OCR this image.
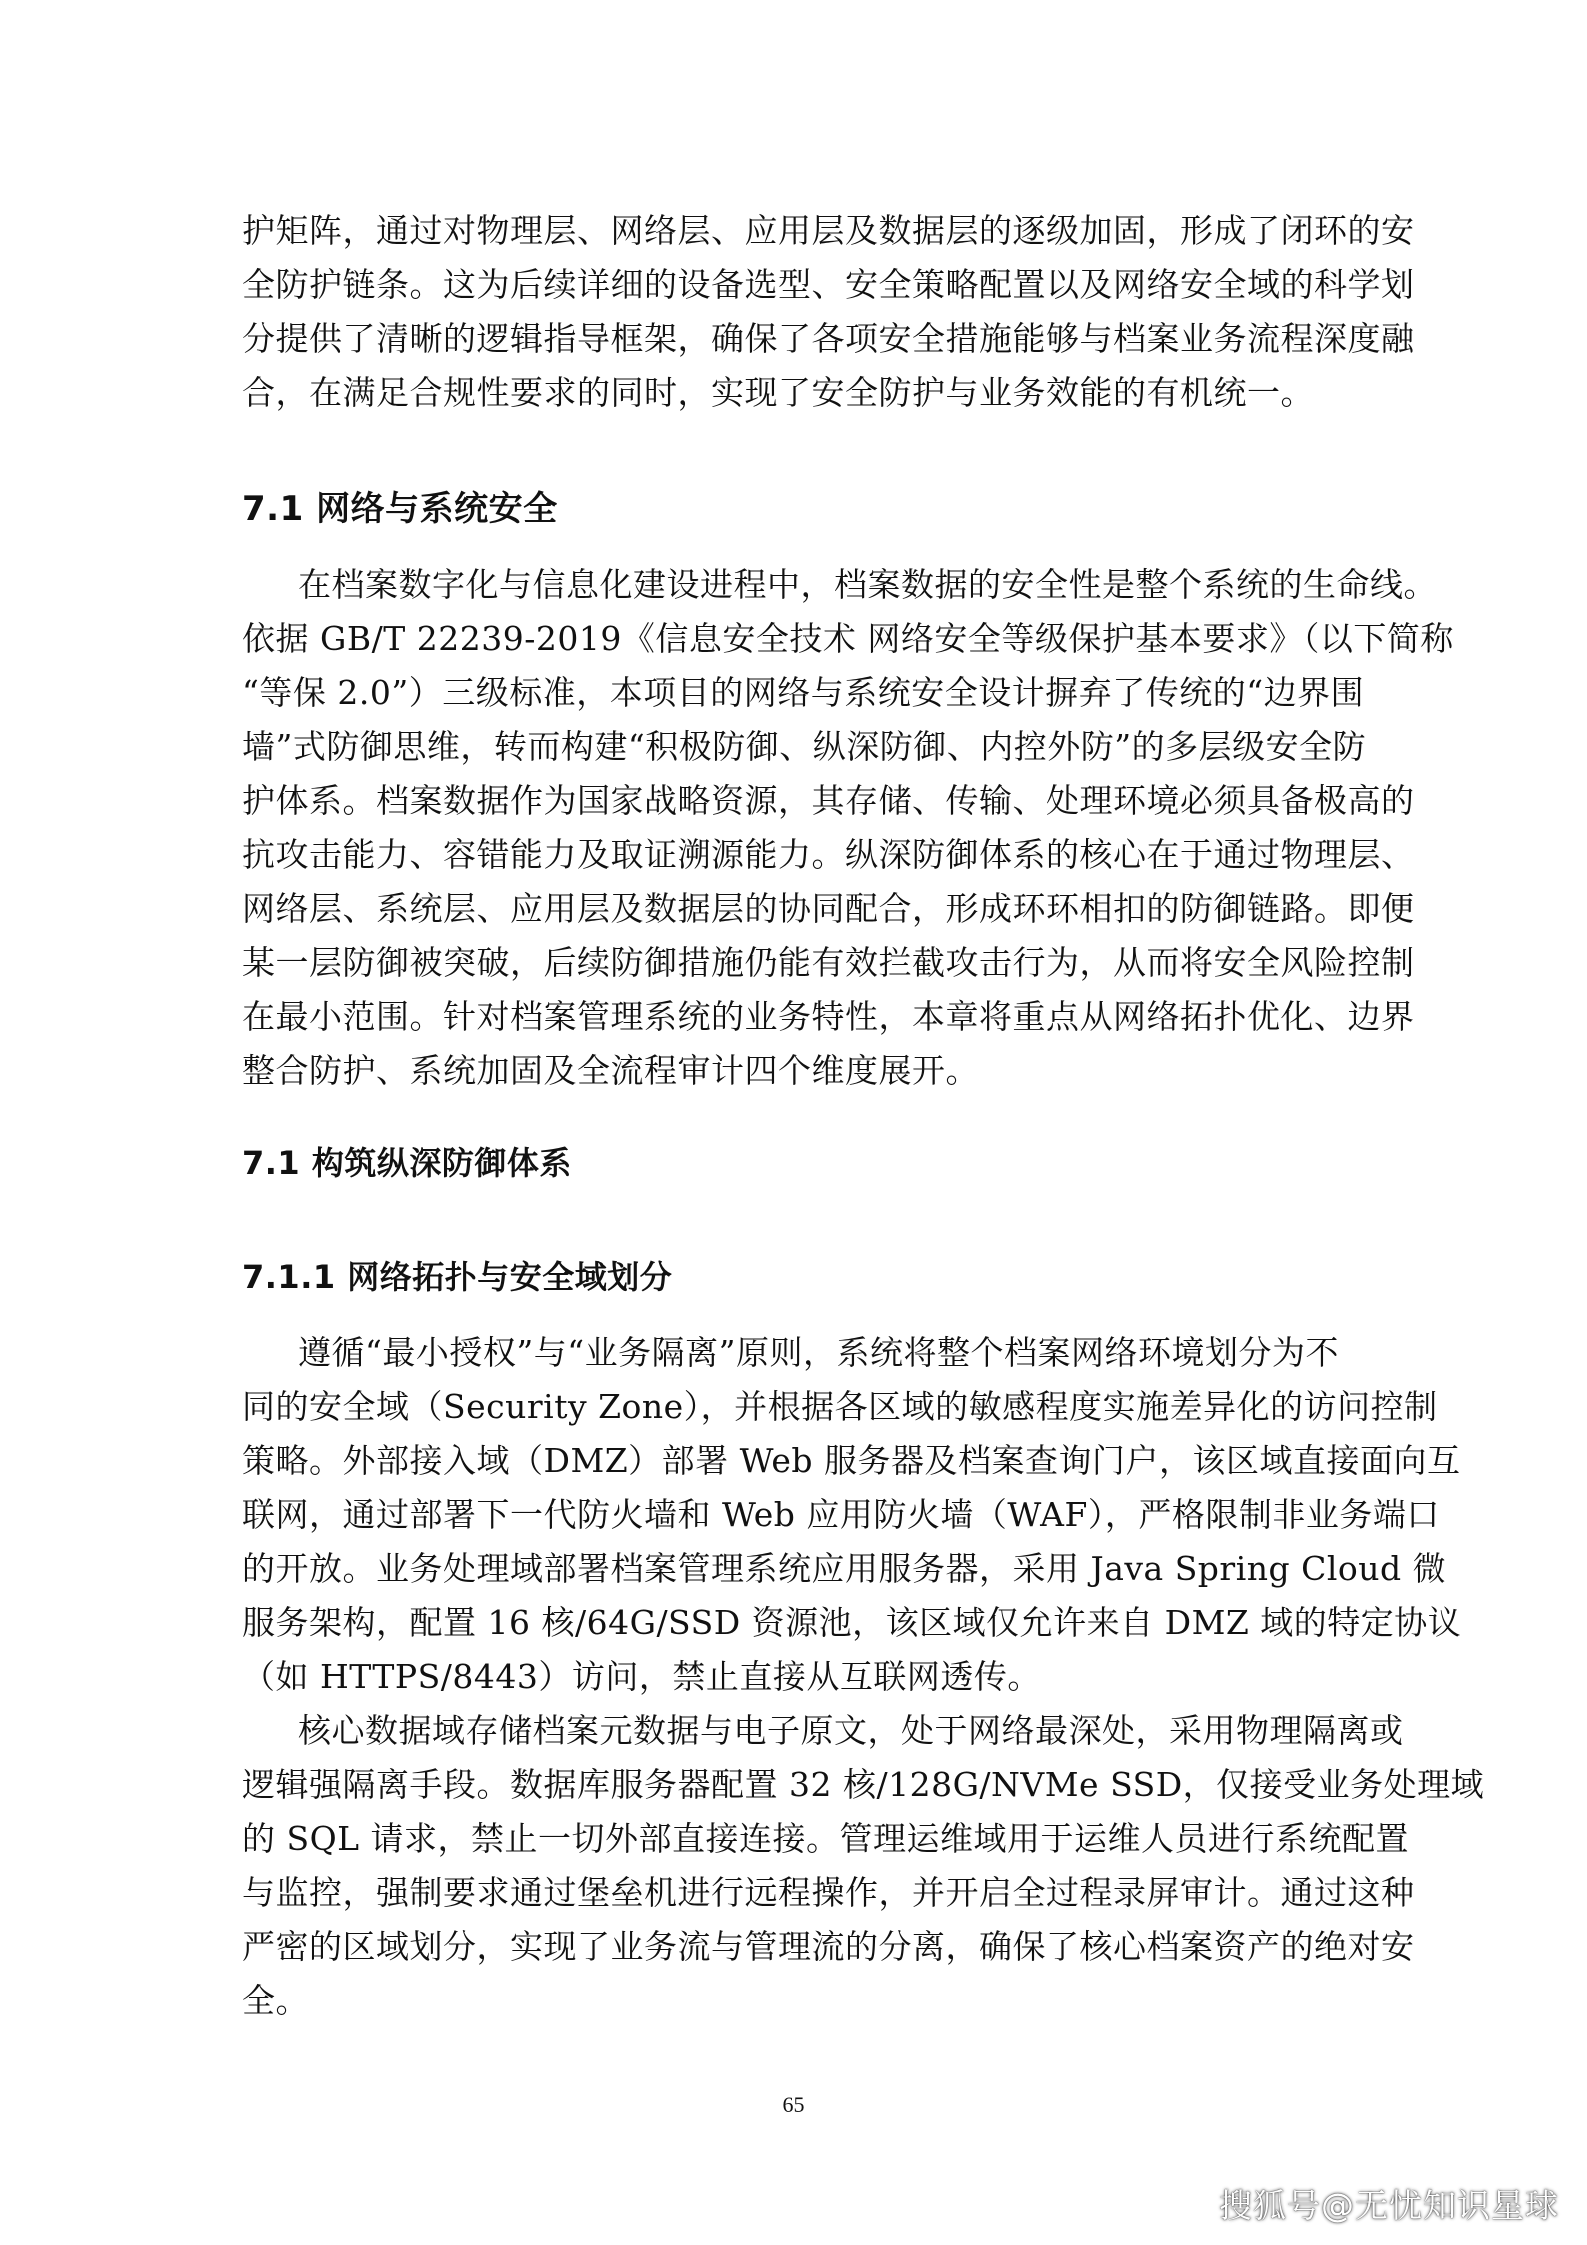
护矩阵，通过对物理层、网络层、应用层及数据层的逐级加固，形成了闭环的安
全防护链条。这为后续详细的设备选型、安全策略配置以及网络安全域的科学划
分提供了清晰的逻辑指导框架，确保了各项安全措施能够与档案业务流程深度融
合，在满足合规性要求的同时，实现了安全防护与业务效能的有机统一。

7.1 网络与系统安全

在档案数字化与信息化建设进程中，档案数据的安全性是整个系统的生命线。
依据 GB/T 22239-2019《信息安全技术 网络安全等级保护基本要求》（以下简称
“等保 2.0”）三级标准，本项目的网络与系统安全设计摒弃了传统的“边界围
墙”式防御思维，转而构建“积极防御、纵深防御、内控外防”的多层级安全防
护体系。档案数据作为国家战略资源，其存储、传输、处理环境必须具备极高的
抗攻击能力、容错能力及取证溯源能力。纵深防御体系的核心在于通过物理层、
网络层、系统层、应用层及数据层的协同配合，形成环环相扣的防御链路。即便
某一层防御被突破，后续防御措施仍能有效拦截攻击行为，从而将安全风险控制
在最小范围。针对档案管理系统的业务特性，本章将重点从网络拓扑优化、边界
整合防护、系统加固及全流程审计四个维度展开。

7.1 构筑纵深防御体系
7.1.1 网络拓扑与安全域划分

遵循“最小授权”与“业务隔离”原则，系统将整个档案网络环境划分为不
同的安全域（Security Zone），并根据各区域的敏感程度实施差异化的访问控制
策略。外部接入域（DMZ）部署 Web 服务器及档案查询门户，该区域直接面向互
联网，通过部署下一代防火墙和 Web 应用防火墙（WAF），严格限制非业务端口
的开放。业务处理域部署档案管理系统应用服务器，采用 Java Spring Cloud 微
服务架构，配置 16 核/64G/SSD 资源池，该区域仅允许来自 DMZ 域的特定协议
（如 HTTPS/8443）访问，禁止直接从互联网透传。

核心数据域存储档案元数据与电子原文，处于网络最深处，采用物理隔离或
逻辑强隔离手段。数据库服务器配置 32 核/128G/NVMe SSD，仅接受业务处理域
的 SQL 请求，禁止一切外部直接连接。管理运维域用于运维人员进行系统配置
与监控，强制要求通过堡垒机进行远程操作，并开启全过程录屏审计。通过这种
严密的区域划分，实现了业务流与管理流的分离，确保了核心档案资产的绝对安
全。

65
搜狐号@无忧知识星球
